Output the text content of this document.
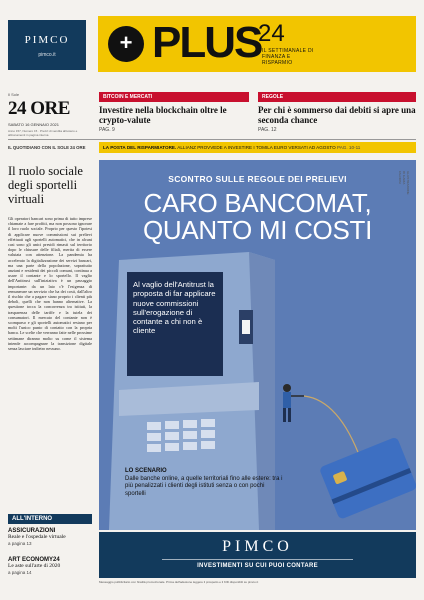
PIMCO
pimco.it	+ PLUS
24
IL SETTIMANALE DI FINANZA E RISPARMIO
Il Sole
24 ORE
SABATO 16 GENNAIO 2021
Anno 157, Numero 15 · Prezzi di vendita all'estero e abbonamenti in pagina interna
BITCOIN E MERCATI
Investire nella blockchain oltre le crypto-valute
PAG. 9
REGOLE
Per chi è sommerso dai debiti si apre una seconda chance
PAG. 12
IL QUOTIDIANO CON IL SOLE 24 ORE	LA POSTA DEL RISPARMIATORE. ALLIANZ PROVVEDE A INVESTIRE I TOMILA EURO VERSATI AD AGOSTO PAG. 10-11
Il ruolo sociale degli sportelli virtuali
Gli operatori bancari sono prima di tutto imprese chiamate a fare profitti, ma non possono ignorare il loro ruolo sociale. Proprio per questo l'ipotesi di applicare nuove commissioni sui prelievi effettuati agli sportelli automatici, che in alcuni casi sono gli unici presidi rimasti sul territorio dopo le chiusure delle filiali, merita di essere valutata con attenzione. La pandemia ha accelerato la digitalizzazione dei servizi bancari, ma una parte della popolazione, soprattutto anziani e residenti dei piccoli comuni, continua a usare il contante e lo sportello. Il vaglio dell'Antitrust sull'iniziativa è un passaggio importante: da un lato c'è l'esigenza di remunerare un servizio che ha dei costi, dall'altro il rischio che a pagare siano proprio i clienti più deboli, quelli che non hanno alternative. La questione tocca la concorrenza tra istituti, la trasparenza delle tariffe e la tutela dei consumatori. Il mercato del contante non è scomparso e gli sportelli automatici restano per molti l'unico punto di contatto con la propria banca. Le scelte che verranno fatte nelle prossime settimane diranno molto su come il sistema intende accompagnare la transizione digitale senza lasciare indietro nessuno.
ALL'INTERNO
ASSICURAZIONI
Reale e l'ospedale virtuale
a pagina 13
ART ECONOMY24
Le aste sull'arte di 2020
a pagina 14
SCONTRO SULLE REGOLE DEI PRELIEVI
CARO BANCOMAT,
QUANTO MI COSTI
Al vaglio dell'Antitrust la proposta di far applicare nuove commissioni sull'erogazione di contante a chi non è cliente
LO SCENARIO
Dalle banche online, a quelle territoriali fino alle estere: tra i più penalizzati i clienti degli istituti senza o con pochi sportelli
ILLUSTRAZIONE DI ILARIA FALORSI
PIMCO
INVESTIMENTI SU CUI PUOI CONTARE
Messaggio pubblicitario con finalità promozionale. Prima dell'adesione leggere il prospetto e il KID disponibili su pimco.it
